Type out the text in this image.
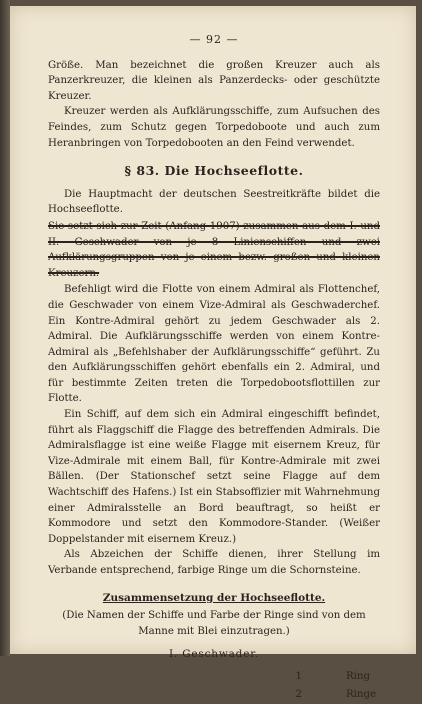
— 92 —

Größe. Man bezeichnet die großen Kreuzer auch als Panzerkreuzer, die kleinen als Panzerdecks- oder geschützte Kreuzer.

Kreuzer werden als Aufklärungsschiffe, zum Aufsuchen des Feindes, zum Schutz gegen Torpedoboote und auch zum Heranbringen von Torpedobooten an den Feind verwendet.

§ 83. Die Hochseeflotte.

Die Hauptmacht der deutschen Seestreitkräfte bildet die Hochseeflotte.

Sie setzt sich zur Zeit (Anfang 1907) zusammen aus dem I. und II. Geschwader von je 8 Linienschiffen und zwei Aufklärungsgruppen von je einem bezw. großen und kleinen Kreuzern.

Befehligt wird die Flotte von einem Admiral als Flottenchef, die Geschwader von einem Vize-Admiral als Geschwaderchef. Ein Kontre-Admiral gehört zu jedem Geschwader als 2. Admiral. Die Aufklärungsschiffe werden von einem Kontre-Admiral als „Befehlshaber der Aufklärungsschiffe“ geführt. Zu den Aufklärungsschiffen gehört ebenfalls ein 2. Admiral, und für bestimmte Zeiten treten die Torpedobootsflottillen zur Flotte.

Ein Schiff, auf dem sich ein Admiral eingeschifft befindet, führt als Flaggschiff die Flagge des betreffenden Admirals. Die Admiralsflagge ist eine weiße Flagge mit eisernem Kreuz, für Vize-Admirale mit einem Ball, für Kontre-Admirale mit zwei Bällen. (Der Stationschef setzt seine Flagge auf dem Wachtschiff des Hafens.) Ist ein Stabsoffizier mit Wahrnehmung einer Admiralsstelle an Bord beauftragt, so heißt er Kommodore und setzt den Kommodore-Stander. (Weißer Doppelstander mit eisernem Kreuz.)

Als Abzeichen der Schiffe dienen, ihrer Stellung im Verbande entsprechend, farbige Ringe um die Schornsteine.

Zusammensetzung der Hochseeflotte.

(Die Namen der Schiffe und Farbe der Ringe sind von dem Manne mit Blei einzutragen.)

I. Geschwader.
1	Ring
2	Ringe
